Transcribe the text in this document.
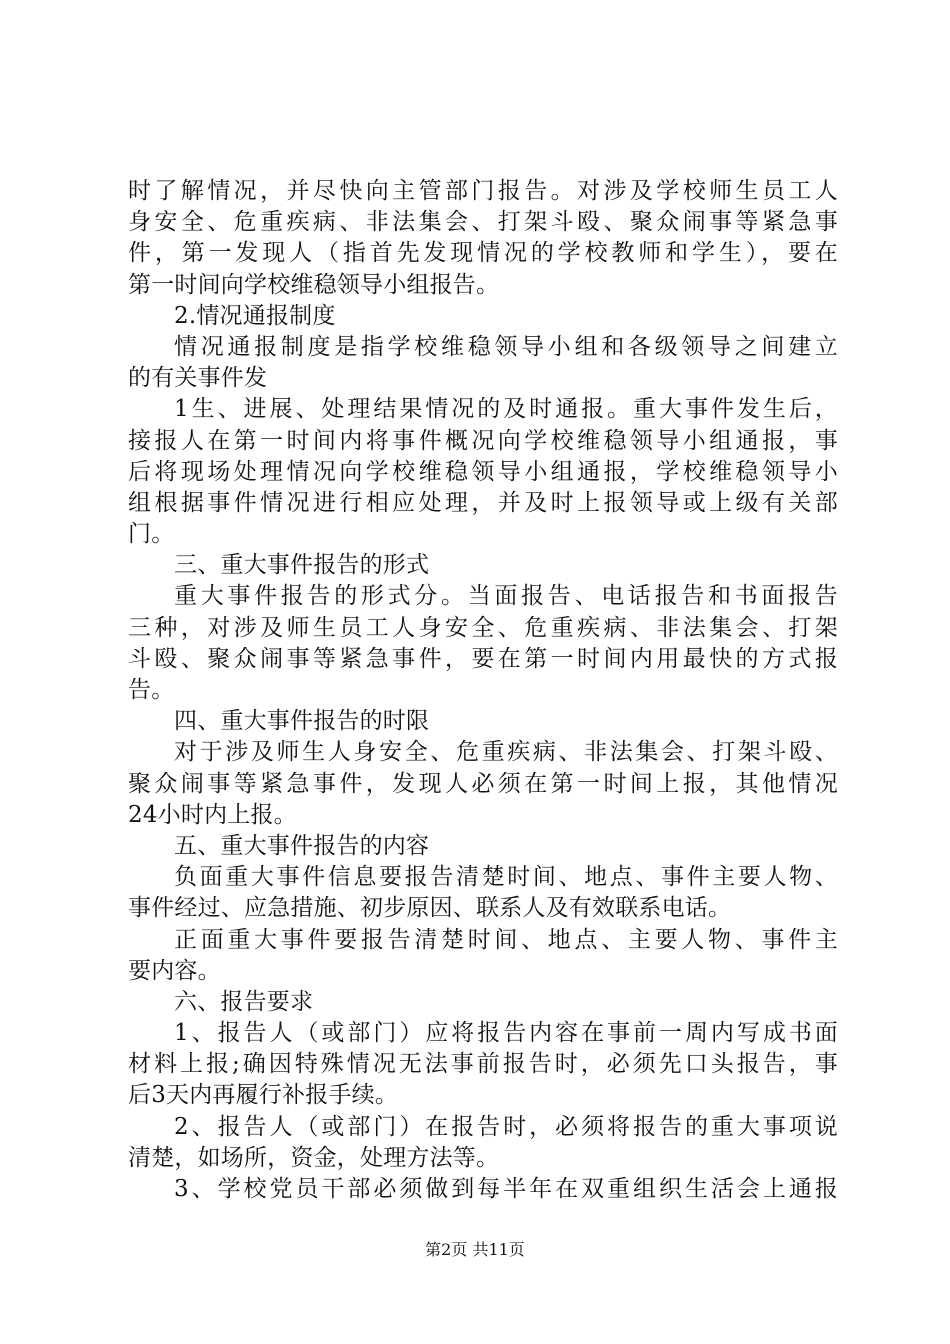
时了解情况，并尽快向主管部门报告。对涉及学校师生员工人
身安全、危重疾病、非法集会、打架斗殴、聚众闹事等紧急事
件，第一发现人（指首先发现情况的学校教师和学生），要在
第一时间向学校维稳领导小组报告。
2.情况通报制度
情况通报制度是指学校维稳领导小组和各级领导之间建立
的有关事件发
1生、进展、处理结果情况的及时通报。重大事件发生后，
接报人在第一时间内将事件概况向学校维稳领导小组通报，事
后将现场处理情况向学校维稳领导小组通报，学校维稳领导小
组根据事件情况进行相应处理，并及时上报领导或上级有关部
门。
三、重大事件报告的形式
重大事件报告的形式分。当面报告、电话报告和书面报告
三种，对涉及师生员工人身安全、危重疾病、非法集会、打架
斗殴、聚众闹事等紧急事件，要在第一时间内用最快的方式报
告。
四、重大事件报告的时限
对于涉及师生人身安全、危重疾病、非法集会、打架斗殴、
聚众闹事等紧急事件，发现人必须在第一时间上报，其他情况
24小时内上报。
五、重大事件报告的内容
负面重大事件信息要报告清楚时间、地点、事件主要人物、
事件经过、应急措施、初步原因、联系人及有效联系电话。
正面重大事件要报告清楚时间、地点、主要人物、事件主
要内容。
六、报告要求
1、报告人（或部门）应将报告内容在事前一周内写成书面
材料上报;确因特殊情况无法事前报告时，必须先口头报告，事
后3天内再履行补报手续。
2、报告人（或部门）在报告时，必须将报告的重大事项说
清楚，如场所，资金，处理方法等。
3、学校党员干部必须做到每半年在双重组织生活会上通报
第2页 共11页
